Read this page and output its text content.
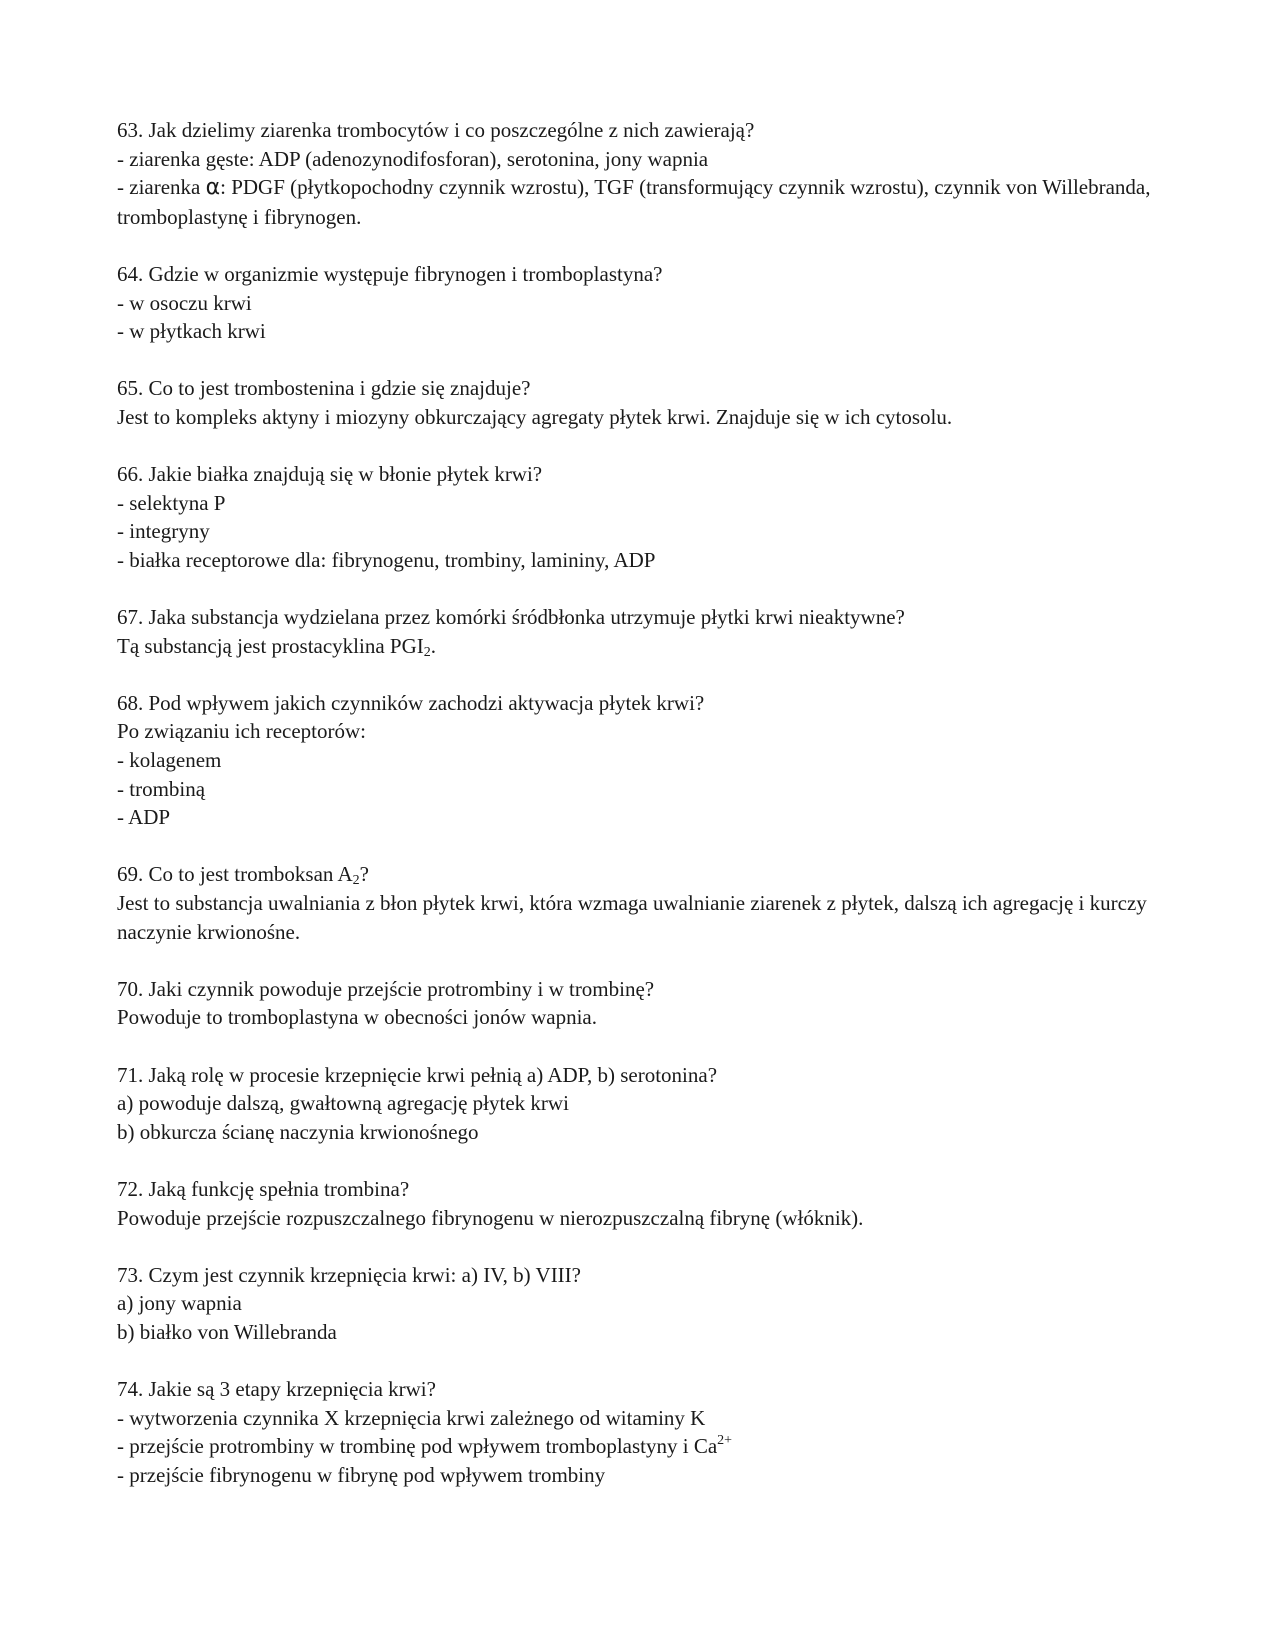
63. Jak dzielimy ziarenka trombocytów i co poszczególne z nich zawierają?
- ziarenka gęste: ADP (adenozynodifosforan), serotonina, jony wapnia
- ziarenka α: PDGF (płytkopochodny czynnik wzrostu), TGF (transformujący czynnik wzrostu), czynnik von Willebranda, tromboplastynę i fibrynogen.
64. Gdzie w organizmie występuje fibrynogen i tromboplastyna?
- w osoczu krwi
- w płytkach krwi
65. Co to jest trombostenina i gdzie się znajduje?
Jest to kompleks aktyny i miozyny obkurczający agregaty płytek krwi. Znajduje się w ich cytosolu.
66. Jakie białka znajdują się w błonie płytek krwi?
- selektyna P
- integryny
- białka receptorowe dla: fibrynogenu, trombiny, lamininy, ADP
67. Jaka substancja wydzielana przez komórki śródbłonka utrzymuje płytki krwi nieaktywne?
Tą substancją jest prostacyklina $PGI_2$.
68. Pod wpływem jakich czynników zachodzi aktywacja płytek krwi?
Po związaniu ich receptorów:
- kolagenem
- trombiną
- ADP
69. Co to jest tromboksan $A_2$?
Jest to substancja uwalniania z błon płytek krwi, która wzmaga uwalnianie ziarenek z płytek, dalszą ich agregację i kurczy naczynie krwionośne.
70. Jaki czynnik powoduje przejście protrombiny i w trombinę?
Powoduje to tromboplastyna w obecności jonów wapnia.
71. Jaką rolę w procesie krzepnięcie krwi pełnią a) ADP, b) serotonina?
a) powoduje dalszą, gwałtowną agregację płytek krwi
b) obkurcza ścianę naczynia krwionośnego
72. Jaką funkcję spełnia trombina?
Powoduje przejście rozpuszczalnego fibrynogenu w nierozpuszczalną fibrynę (włóknik).
73. Czym jest czynnik krzepnięcia krwi: a) IV, b) VIII?
a) jony wapnia
b) białko von Willebranda
74. Jakie są 3 etapy krzepnięcia krwi?
- wytworzenia czynnika X krzepnięcia krwi zależnego od witaminy K
- przejście protrombiny w trombinę pod wpływem tromboplastyny i $Ca^{2+}$
- przejście fibrynogenu w fibrynę pod wpływem trombiny
